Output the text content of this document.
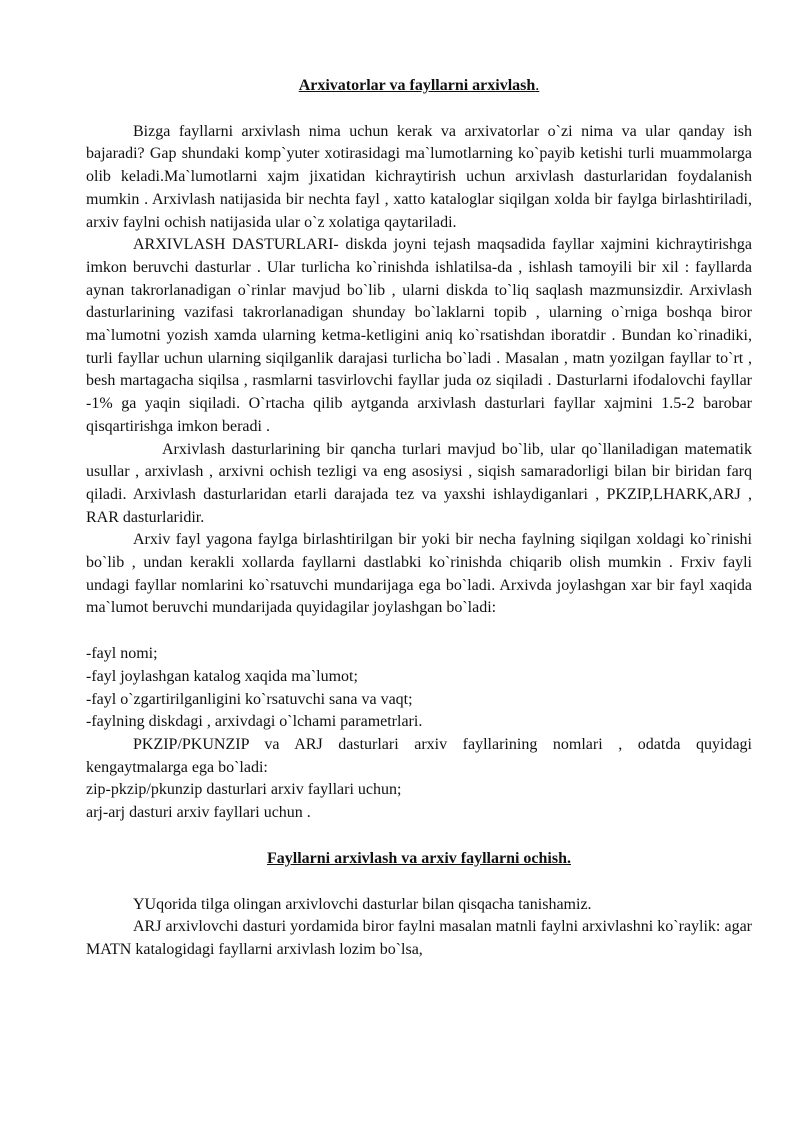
Arxivatorlar va fayllarni arxivlash.

Bizga fayllarni arxivlash nima uchun kerak va arxivatorlar o`zi nima va ular qanday ish bajaradi? Gap shundaki komp`yuter xotirasidagi ma`lumotlarning ko`payib ketishi turli muammolarga olib keladi.Ma`lumotlarni xajm jixatidan kichraytirish uchun arxivlash dasturlaridan foydalanish mumkin . Arxivlash natijasida bir nechta fayl , xatto kataloglar siqilgan xolda bir faylga birlashtiriladi, arxiv faylni ochish natijasida ular o`z xolatiga qaytariladi.

ARXIVLASH DASTURLARI- diskda joyni tejash maqsadida fayllar xajmini kichraytirishga imkon beruvchi dasturlar . Ular turlicha ko`rinishda ishlatilsa-da , ishlash tamoyili bir xil : fayllarda aynan takrorlanadigan o`rinlar mavjud bo`lib , ularni diskda to`liq saqlash mazmunsizdir. Arxivlash dasturlarining vazifasi takrorlanadigan shunday bo`laklarni topib , ularning o`rniga boshqa biror ma`lumotni yozish xamda ularning ketma-ketligini aniq ko`rsatishdan iboratdir . Bundan ko`rinadiki, turli fayllar uchun ularning siqilganlik darajasi turlicha bo`ladi . Masalan , matn yozilgan fayllar to`rt , besh martagacha siqilsa , rasmlarni tasvirlovchi fayllar juda oz siqiladi . Dasturlarni ifodalovchi fayllar -1% ga yaqin siqiladi. O`rtacha qilib aytganda arxivlash dasturlari fayllar xajmini 1.5-2 barobar qisqartirishga imkon beradi .

Arxivlash dasturlarining bir qancha turlari mavjud bo`lib, ular qo`llaniladigan matematik usullar , arxivlash , arxivni ochish tezligi va eng asosiysi , siqish samaradorligi bilan bir biridan farq qiladi. Arxivlash dasturlaridan etarli darajada tez va yaxshi ishlaydiganlari , PKZIP,LHARK,ARJ , RAR dasturlaridir.

Arxiv fayl yagona faylga birlashtirilgan bir yoki bir necha faylning siqilgan xoldagi ko`rinishi bo`lib , undan kerakli xollarda fayllarni dastlabki ko`rinishda chiqarib olish mumkin . Frxiv fayli undagi fayllar nomlarini ko`rsatuvchi mundarijaga ega bo`ladi. Arxivda joylashgan xar bir fayl xaqida ma`lumot beruvchi mundarijada quyidagilar joylashgan bo`ladi:

-fayl nomi;
-fayl joylashgan katalog xaqida ma`lumot;
-fayl o`zgartirilganligini ko`rsatuvchi sana va vaqt;
-faylning diskdagi , arxivdagi o`lchami parametrlari.

PKZIP/PKUNZIP va ARJ dasturlari arxiv fayllarining nomlari , odatda quyidagi kengaytmalarga ega bo`ladi:

zip-pkzip/pkunzip dasturlari arxiv fayllari uchun;

arj-arj dasturi arxiv fayllari uchun .

Fayllarni arxivlash va arxiv fayllarni ochish.

YUqorida tilga olingan arxivlovchi dasturlar bilan qisqacha tanishamiz.

ARJ arxivlovchi dasturi yordamida biror faylni masalan matnli faylni arxivlashni ko`raylik: agar MATN katalogidagi fayllarni arxivlash lozim bo`lsa,
